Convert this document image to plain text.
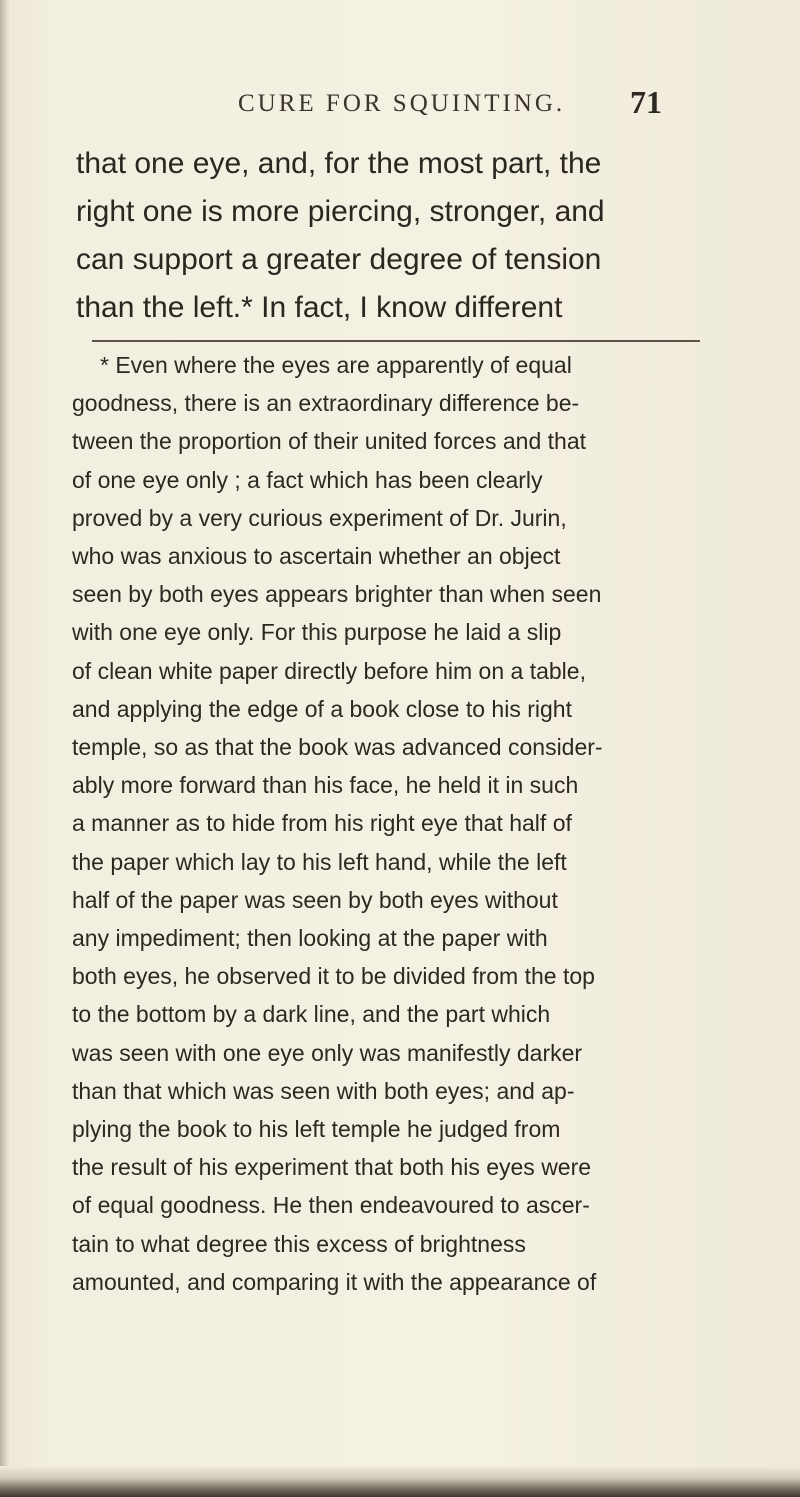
CURE FOR SQUINTING. 71

that one eye, and, for the most part, the
right one is more piercing, stronger, and
can support a greater degree of tension
than the left.* In fact, I know different

* Even where the eyes are apparently of equal
goodness, there is an extraordinary difference be-
tween the proportion of their united forces and that
of one eye only ; a fact which has been clearly
proved by a very curious experiment of Dr. Jurin,
who was anxious to ascertain whether an object
seen by both eyes appears brighter than when seen
with one eye only. For this purpose he laid a slip
of clean white paper directly before him on a table,
and applying the edge of a book close to his right
temple, so as that the book was advanced consider-
ably more forward than his face, he held it in such
a manner as to hide from his right eye that half of
the paper which lay to his left hand, while the left
half of the paper was seen by both eyes without
any impediment; then looking at the paper with
both eyes, he observed it to be divided from the top
to the bottom by a dark line, and the part which
was seen with one eye only was manifestly darker
than that which was seen with both eyes; and ap-
plying the book to his left temple he judged from
the result of his experiment that both his eyes were
of equal goodness. He then endeavoured to ascer-
tain to what degree this excess of brightness
amounted, and comparing it with the appearance of
